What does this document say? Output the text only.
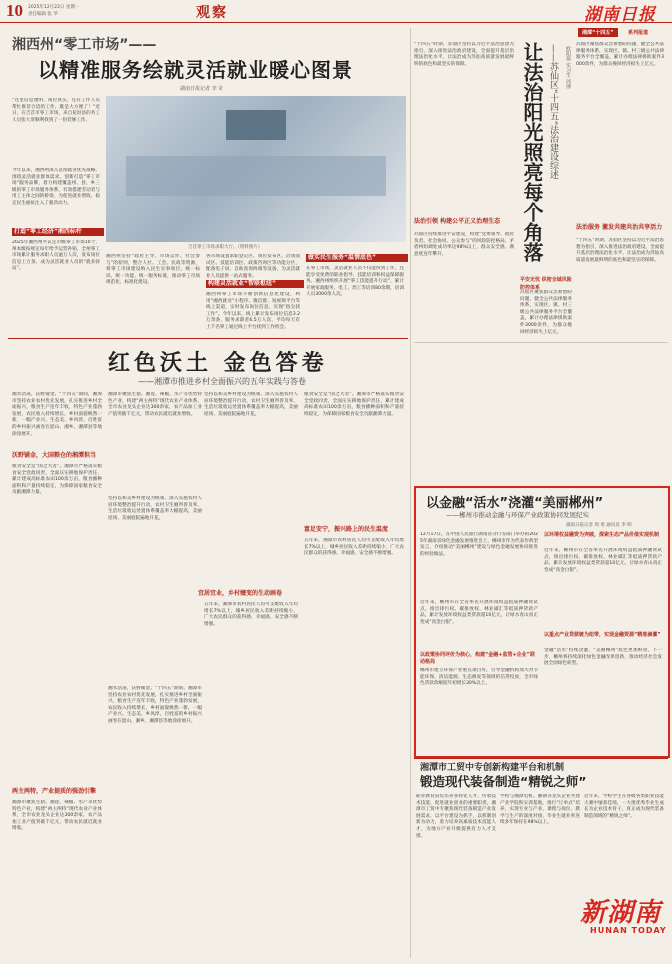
10 2025年12月22日 星期一
责任编辑 张 华	观察	湖南日报
湘西州“零工市场”——
以精准服务绘就灵活就业暖心图景
湖南日报记者 李 奇
“这里信息透明、岗位真实，还有工作人员帮忙推荐合适的工作，既是大方便了！”近日，在吉首市零工市场，来自花垣县的务工人员张大哥顺利找到了一份装修工作。
今年以来，湘西州深入贯彻就业优先战略，围绕灵活就业群体需求，创新打造“零工市场”服务品牌，着力构建覆盖州、县、乡三级的零工市场服务体系，有效搭建劳动者与用工主体之间的桥梁，为促进就业增收、稳定民生福祉注入了强劲动力。
吉首零工市场求职大厅。（资料图片）
打造“零工经济”湘西标杆
2025年湘西州共认定市级零工市场10个，州本级按规定每年给予运营补贴，全州零工市场累计服务求职人员逾万人次，发布岗位信息上万条，成为灵活就业人员的“就业驿站”。
湘西州坚持“政府主导、市场运作、社会参与”的原则，整合人社、工会、民政等资源，将零工市场建设纳入民生实事项目，统一标识、统一功能、统一服务标准，推动零工市场规范化、标准化建设。
各市场设置求职登记区、岗位发布区、洽谈面试区、技能培训区、政策咨询区等功能分区，配备电子屏、自助查询终端等设备，为灵活就业人员提供一站式服务。
构建灵活就业“智联枢纽”
湘西州零工市场不断创新信息化建设，利用“湘西就业”小程序、微信群、短视频平台等线上渠道，实时发布岗位信息，实现“指尖找工作”。今年以来，线上累计发布岗位信息3.2万余条，服务求职者6.5万人次，平均每天有上千名零工通过线上平台找到工作机会。
做实民生服务“温情底色”
在零工市场，灵活就业人员不仅能找到工作，还能享受免费的职业指导、技能培训和权益保障服务。湘西州组织开展“零工技能提升行动”，累计开展家政服务、电工、焊工等培训80余期，培训人员3000余人次。
湘潭“十四五”	系列报道
“十四五”时期，苏仙区坚持以习近平法治思想为指引，深入推进法治政府建设，全面提升基层治理法治化水平，让法治成为苏仙高质量发展最鲜明的底色和最坚实的保障。	让法治阳光照亮每个角落 ——苏仙区“十四五”法治建设综述	欧阳倩 实习生 周博
苏仙区聚焦群众急难愁盼问题，健全公共法律服务体系，实现区、镇、村三级公共法律服务平台全覆盖，累计办理法律援助案件3000余件，为群众挽回经济损失上亿元。
法治引领 构建公平正义治理生态
苏仙区持续推进平安建设，构建“党委领导、政府负责、社会协同、公众参与”的风险防控格局，矛盾纠纷调处成功率达98%以上，群众安全感、满意度连年攀升。
法治服务 激发共建共治共享活力
“十四五”时期，苏仙区坚持以习近平法治思想为指引，深入推进法治政府建设，全面提升基层治理法治化水平，让法治成为苏仙高质量发展最鲜明的底色和最坚实的保障。
平安无忧 织密全域风险防控体系
苏仙区聚焦群众急难愁盼问题，健全公共法律服务体系，实现区、镇、村三级公共法律服务平台全覆盖，累计办理法律援助案件3000余件，为群众挽回经济损失上亿元。
红色沃土 金色答卷
——湘潭市推进乡村全面振兴的五年实践与答卷
湘水浩荡，沃野铺金。“十四五”期间，湘潭市坚持农业农村优先发展，扎实推进乡村全面振兴，粮食生产连年丰收，特色产业蓬勃发展，农民收入持续增长，乡村面貌焕然一新，一幅产业兴、生态美、乡风淳、百姓富的乡村振兴画卷在韶山、湘乡、湘潭县等地徐徐展开。
沃野铺金，大国粮仓的湘潭担当
粮食安全是“国之大者”。湘潭市严格落实粮食安全党政同责，全面压实耕地保护责任，累计建成高标准农田100余万亩，粮食播种面积和产量持续稳定，为保障国家粮食安全贡献湘潭力量。
两主两特，产业提质的强劲引擎
湘潭市聚焦生猪、湘莲、辣椒、水产等优势特色产业，构建“两主两特”现代农业产业体系，全市农业龙头企业达300余家，农产品加工业产值突破千亿元，带动农民就近就业增收。
湘潭市聚焦生猪、湘莲、辣椒、水产等优势特色产业，构建“两主两特”现代农业产业体系，全市农业龙头企业达300余家，农产品加工业产值突破千亿元，带动农民就近就业增收。
坚持以和美乡村建设为统领，深入实施农村人居环境整治提升行动，农村卫生厕所普及率、生活垃圾收运处置体系覆盖率大幅提高，美丽屋场、美丽庭院遍地开花。
宜居宜业，乡村嬗变的生动画卷
坚持以和美乡村建设为统领，深入实施农村人居环境整治提升行动，农村卫生厕所普及率、生活垃圾收运处置体系覆盖率大幅提高，美丽屋场、美丽庭院遍地开花。
五年来，湘潭市农村居民人均可支配收入年均增长7%以上，城乡居民收入差距持续缩小，广大农民群众的获得感、幸福感、安全感不断增强。
湘水浩荡，沃野铺金。“十四五”期间，湘潭市坚持农业农村优先发展，扎实推进乡村全面振兴，粮食生产连年丰收，特色产业蓬勃发展，农民收入持续增长，乡村面貌焕然一新，一幅产业兴、生态美、乡风淳、百姓富的乡村振兴画卷在韶山、湘乡、湘潭县等地徐徐展开。
粮食安全是“国之大者”。湘潭市严格落实粮食安全党政同责，全面压实耕地保护责任，累计建成高标准农田100余万亩，粮食播种面积和产量持续稳定，为保障国家粮食安全贡献湘潭力量。
富足安宁，振兴路上的民生温度
五年来，湘潭市农村居民人均可支配收入年均增长7%以上，城乡居民收入差距持续缩小，广大农民群众的获得感、幸福感、安全感不断增强。
以金融“活水”浇灌“美丽郴州”
——郴州市推动金融与环保产业政策协同发展纪实
湖南日报记者 周 勇 通讯员 李 明
12月17日，在中国人民银行湖南省分行等部门举办的2025年湖南省绿色金融发展推进会上，郴州市作为代表作典型发言，介绍推动“美丽郴州”建设与绿色金融发展协同推进的经验做法。
近年来，郴州市在全省率先开展环境权益抵质押融资试点，推出排污权、碳排放权、林业碳汇等抵质押贷款产品，累计发放环境权益类贷款超10亿元，让绿水青山真正变成“真金白银”。
以政策协同评价为核心，构建“金融+监管+企业”联动格局
郴州市建立环保产业重点项目库，引导金融机构加大对节能环保、清洁能源、生态修复等领域的信贷投放，全市绿色贷款余额较年初增长30%以上。
以环境权益融资为突破，探索生态产品价值实现机制
近年来，郴州市在全省率先开展环境权益抵质押融资试点，推出排污权、碳排放权、林业碳汇等抵质押贷款产品，累计发放环境权益类贷款超10亿元，让绿水青山真正变成“真金白银”。
以重点产业贷款链为纽带，实现金融资源“精准滴灌”
金融“活水”持续浇灌，“美丽郴州”底色更加鲜亮。下一步，郴州将持续深化绿色金融改革创新，推动经济社会发展全面绿色转型。
湘潭市工贸中专创新构建平台和机制
锻造现代装备制造“精锐之师”
职业教育肩负培养多样化人才、传承技术技能、促进就业创业的重要职责。湘潭市工贸中专聚焦现代装备制造产业发展需求，以平台建设为抓手，以机制创新为动力，着力培养高素质技术技能人才，为地方产业升级提供有力人才支撑。
学校与湘潭电机、湘钢等龙头企业共建产业学院和实训基地，推行“订单式”培养，实现专业与产业、课程与岗位、教学与生产的深度对接，毕业生就业率连续多年保持在98%以上。
近年来，学校学生在各级各类职业技能大赛中屡获佳绩，一大批优秀毕业生成长为企业技术骨干，真正成为现代装备制造领域的“精锐之师”。
新湖南
HUNAN TODAY
